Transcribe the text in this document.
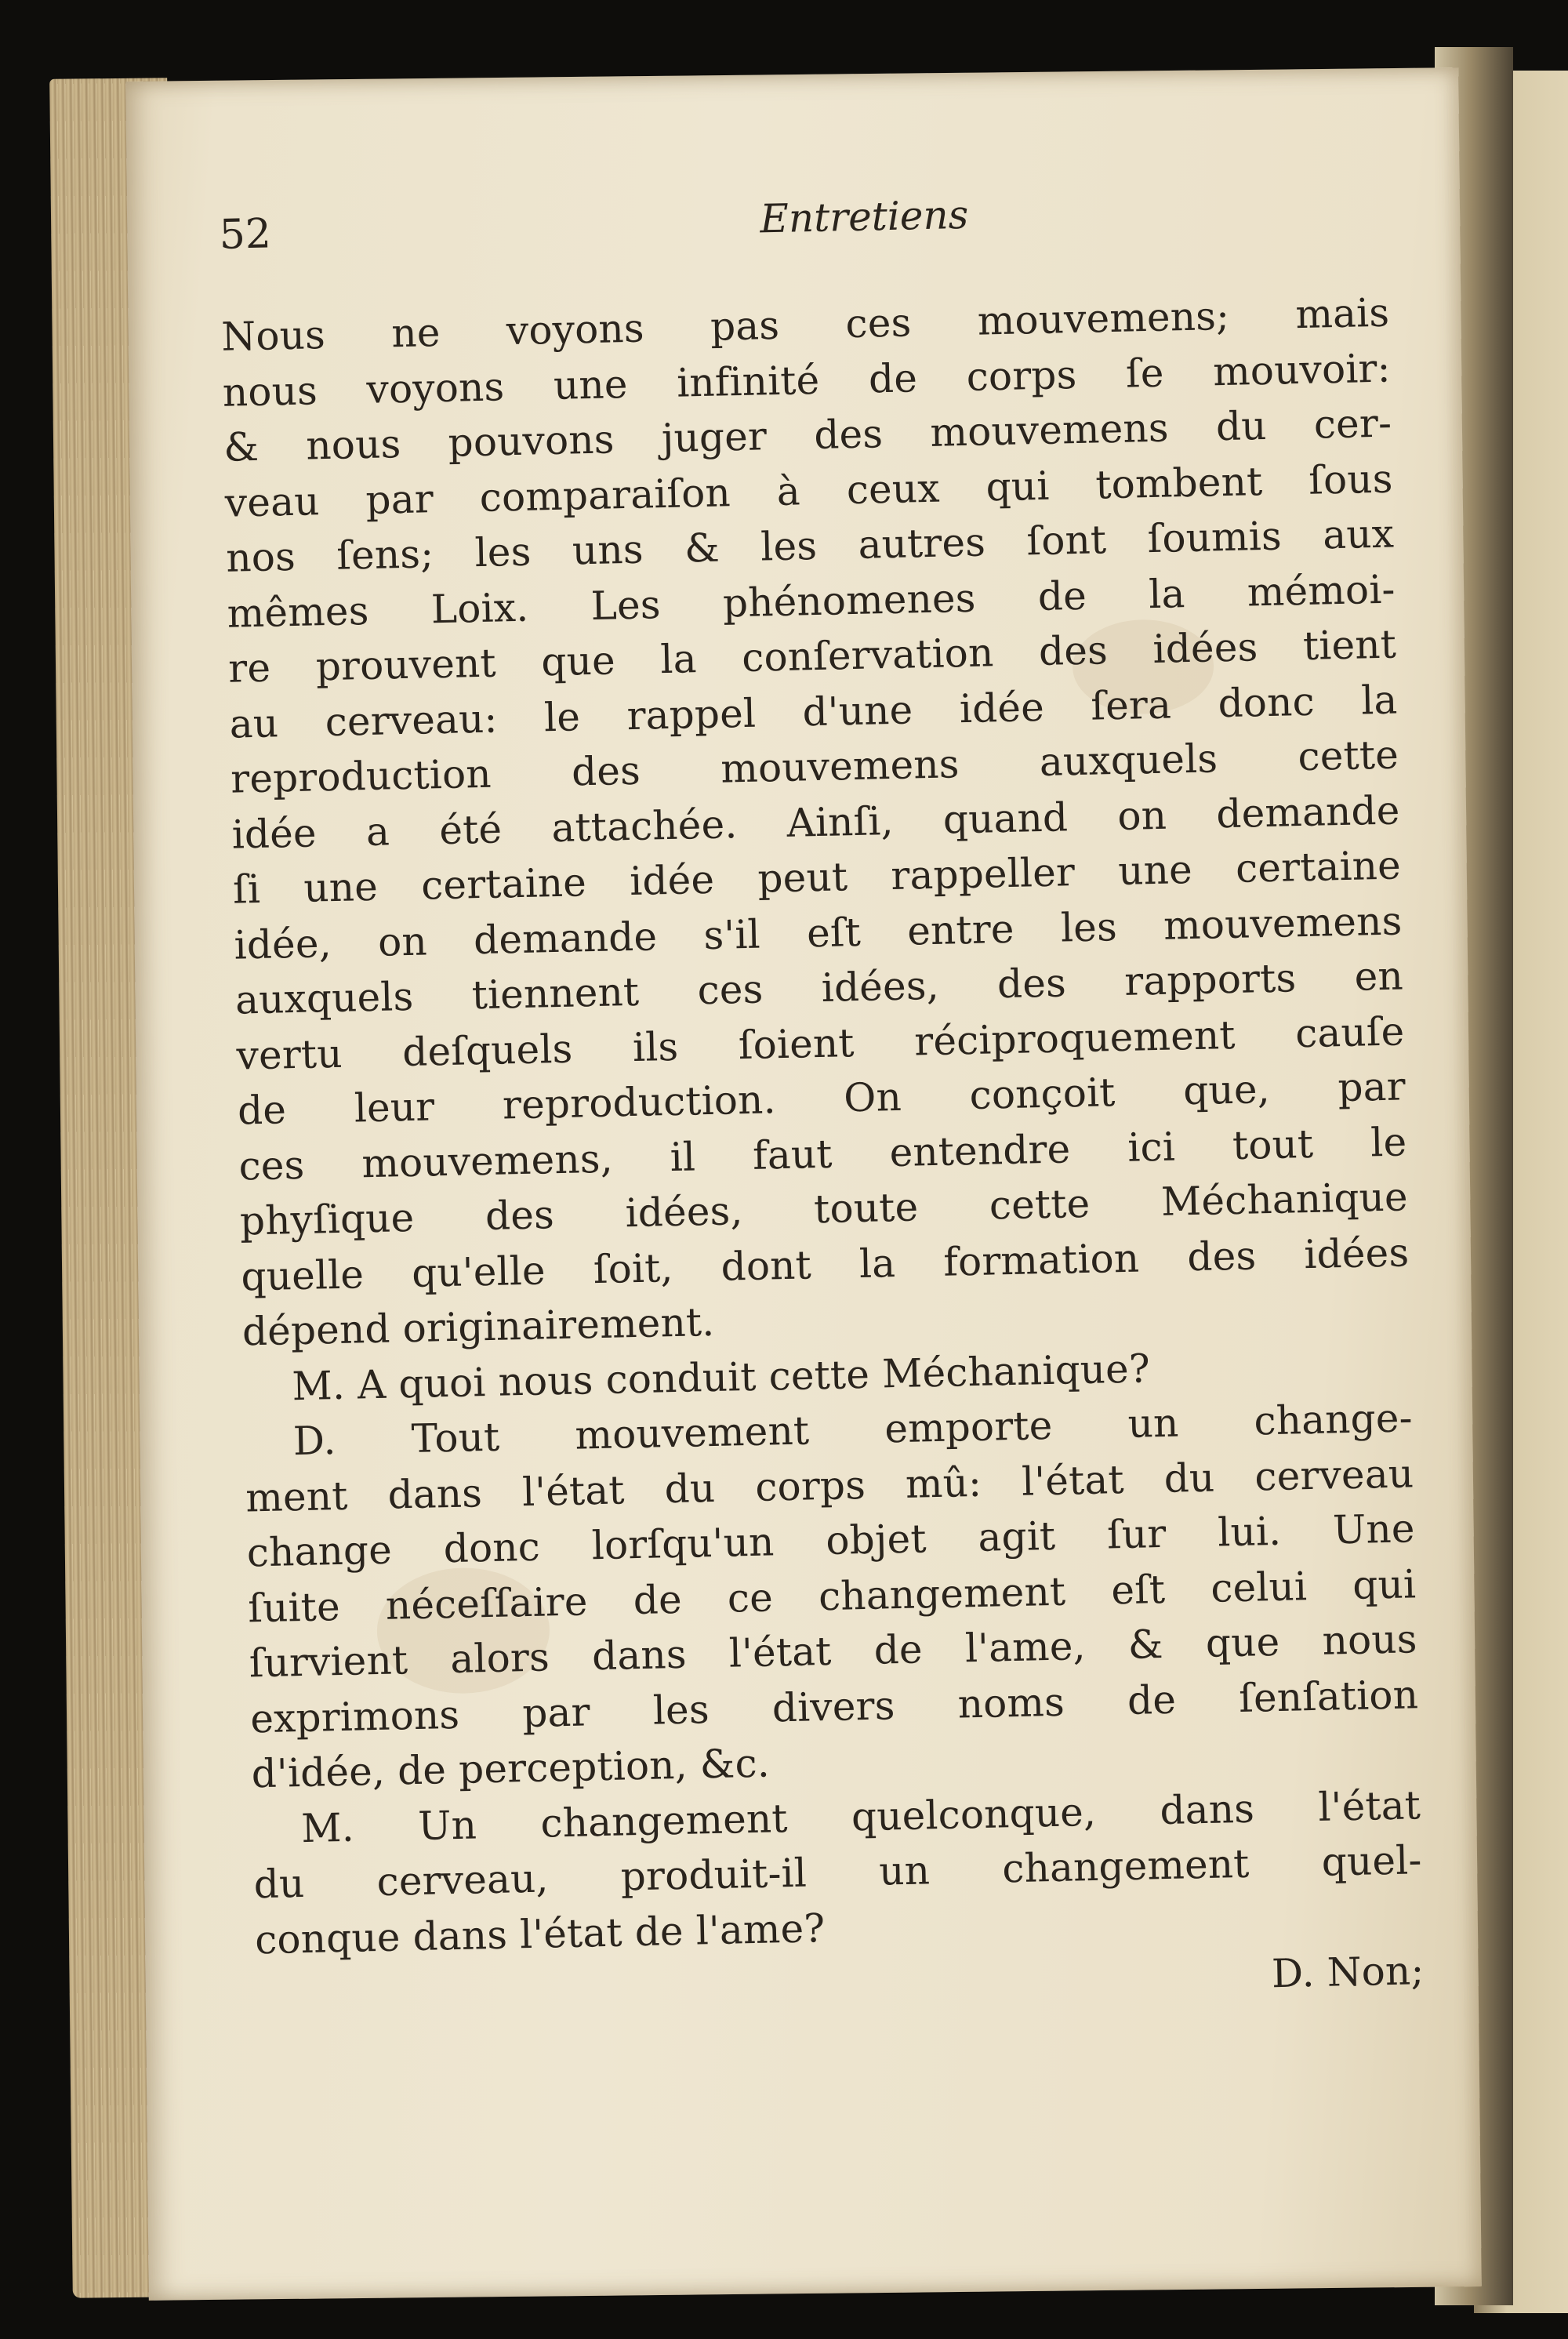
52	Entretiens
Nous ne voyons pas ces mouvemens; mais
nous voyons une infinité de corps ſe mouvoir:
& nous pouvons juger des mouvemens du cer-
veau par comparaiſon à ceux qui tombent ſous
nos ſens; les uns & les autres ſont ſoumis aux
mêmes Loix. Les phénomenes de la mémoi-
re prouvent que la conſervation des idées tient
au cerveau: le rappel d'une idée ſera donc la
reproduction des mouvemens auxquels cette
idée a été attachée. Ainſi, quand on demande
ſi une certaine idée peut rappeller une certaine
idée, on demande s'il eſt entre les mouvemens
auxquels tiennent ces idées, des rapports en
vertu deſquels ils ſoient réciproquement cauſe
de leur reproduction. On conçoit que, par
ces mouvemens, il faut entendre ici tout le
phyſique des idées, toute cette Méchanique
quelle qu'elle ſoit, dont la formation des idées
dépend originairement.
M. A quoi nous conduit cette Méchanique?
D. Tout mouvement emporte un change-
ment dans l'état du corps mû: l'état du cerveau
change donc lorſqu'un objet agit ſur lui. Une
ſuite néceſſaire de ce changement eſt celui qui
ſurvient alors dans l'état de l'ame, & que nous
exprimons par les divers noms de ſenſation
d'idée, de perception, &c.
M. Un changement quelconque, dans l'état
du cerveau, produit-il un changement quel-
conque dans l'état de l'ame?
D. Non;
